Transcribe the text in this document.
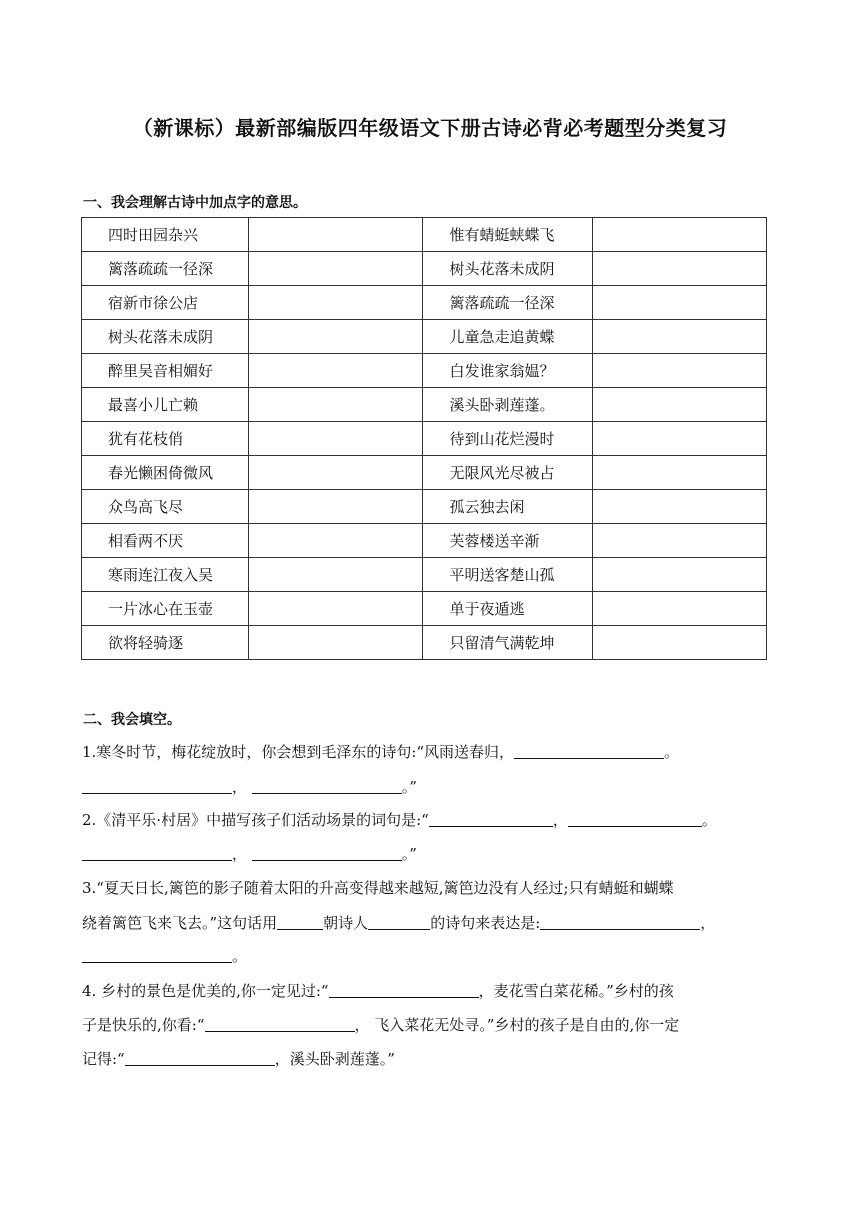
（新课标）最新部编版四年级语文下册古诗必背必考题型分类复习
一、我会理解古诗中加点字的意思。
四时田园杂兴		惟有蜻蜓蛱蝶飞	
篱落疏疏一径深		树头花落未成阴	
宿新市徐公店		篱落疏疏一径深	
树头花落未成阴		儿童急走追黄蝶	
醉里吴音相媚好		白发谁家翁媪？	
最喜小儿亡赖		溪头卧剥莲蓬。	
犹有花枝俏		待到山花烂漫时	
春光懒困倚微风		无限风光尽被占	
众鸟高飞尽		孤云独去闲	
相看两不厌		芙蓉楼送辛渐	
寒雨连江夜入吴		平明送客楚山孤	
一片冰心在玉壶		单于夜遁逃	
欲将轻骑逐		只留清气满乾坤	
二、我会填空。
1.寒冬时节，梅花绽放时，你会想到毛泽东的诗句:“风雨送春归，	。
，	。”
2.《清平乐·村居》中描写孩子们活动场景的词句是:“	，	。
，	。”
3.“夏天日长,篱笆的影子随着太阳的升高变得越来越短,篱笆边没有人经过;只有蜻蜓和蝴蝶
绕着篱笆飞来飞去。”这句话用	朝诗人	的诗句来表达是:	，
。
4. 乡村的景色是优美的,你一定见过:“	，麦花雪白菜花稀。”乡村的孩
子是快乐的,你看:“	， 飞入菜花无处寻。”乡村的孩子是自由的,你一定
记得:“	，溪头卧剥莲蓬。”
